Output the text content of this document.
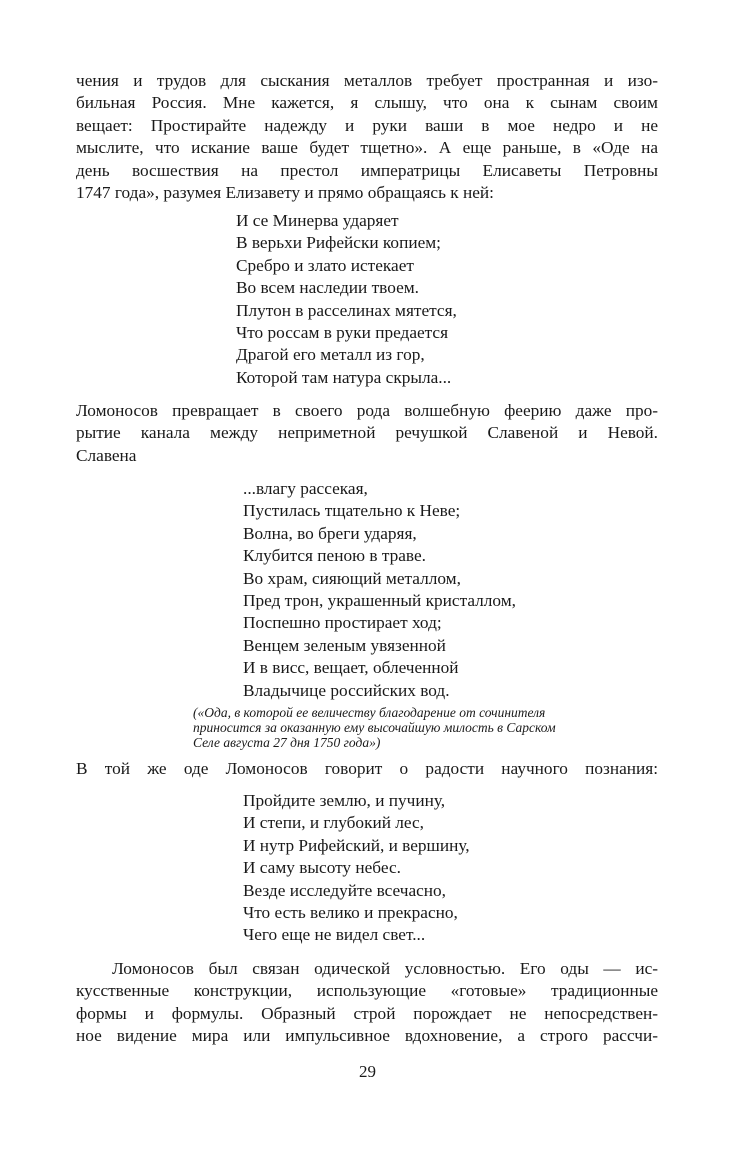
чения и трудов для сыскания металлов требует пространная и изо-
бильная Россия. Мне кажется, я слышу, что она к сынам своим
вещает: Простирайте надежду и руки ваши в мое недро и не
мыслите, что искание ваше будет тщетно». А еще раньше, в «Оде на
день восшествия на престол императрицы Елисаветы Петровны
1747 года», разумея Елизавету и прямо обращаясь к ней:
И се Минерва ударяет
В верьхи Рифейски копием;
Сребро и злато истекает
Во всем наследии твоем.
Плутон в расселинах мятется,
Что россам в руки предается
Драгой его металл из гор,
Которой там натура скрыла...
Ломоносов превращает в своего рода волшебную феерию даже про-
рытие канала между неприметной речушкой Славеной и Невой.
Славена
...влагу рассекая,
Пустилась тщательно к Неве;
Волна, во бреги ударяя,
Клубится пеною в траве.
Во храм, сияющий металлом,
Пред трон, украшенный кристаллом,
Поспешно простирает ход;
Венцем зеленым увязенной
И в висс, вещает, облеченной
Владычице российских вод.
(«Ода, в которой ее величеству благодарение от сочинителя
приносится за оказанную ему высочайшую милость в Сарском
Селе августа 27 дня 1750 года»)
В той же оде Ломоносов говорит о радости научного познания:
Пройдите землю, и пучину,
И степи, и глубокий лес,
И нутр Рифейский, и вершину,
И саму высоту небес.
Везде исследуйте всечасно,
Что есть велико и прекрасно,
Чего еще не видел свет...
Ломоносов был связан одической условностью. Его оды — ис-
кусственные конструкции, использующие «готовые» традиционные
формы и формулы. Образный строй порождает не непосредствен-
ное видение мира или импульсивное вдохновение, а строго рассчи-
29
